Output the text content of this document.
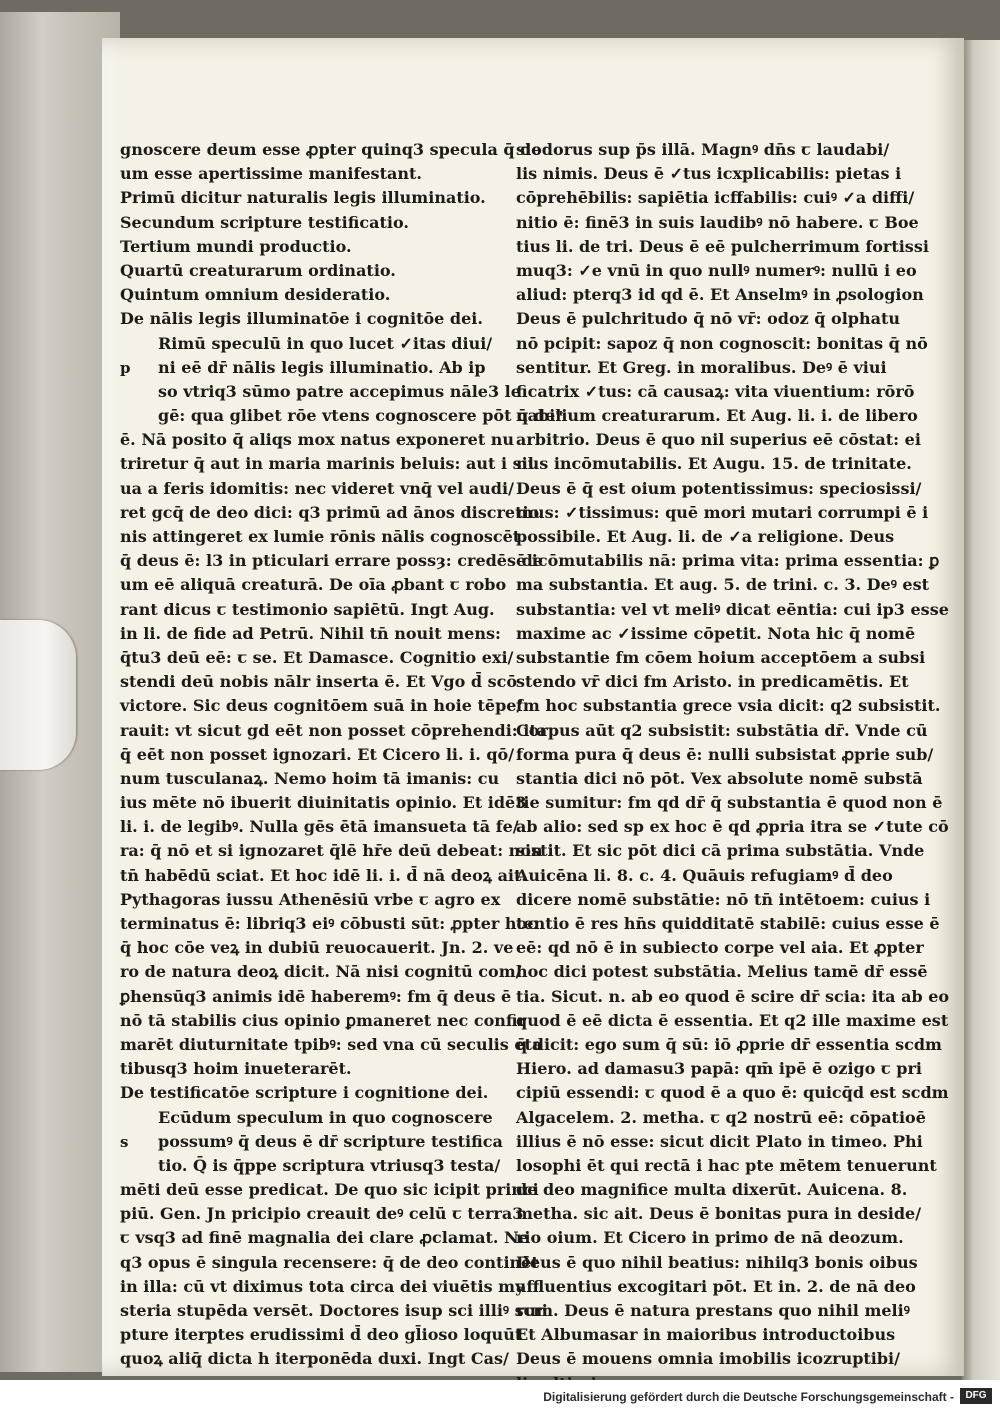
gnoscere deum esse ꝓpter quinq3 specula q̄ de
um esse apertissime manifestant.
Primū dicitur naturalis legis illuminatio.
Secundum scripture testificatio.
Tertium mundi productio.
Quartū creaturarum ordinatio.
Quintum omnium desideratio.
De nālis legis illuminatōe i cognitōe dei.
Rimū speculū in quo lucet ✓itas diui/
p ni eē dr̄ nālis legis illuminatio. Ab ip
so vtriq3 sūmo patre accepimus nāle3 le
gē: qua glibet rōe vtens cognoscere pōt q̄ deᵘ
ē. Nā posito q̄ aliqs mox natus exponeret nu
triretur q̄ aut in maria marinis beluis: aut i sil
ua a feris idomitis: nec videret vnq̄ vel audi/
ret gcq̄ de deo dici: q3 primū ad ānos discretio
nis attingeret ex lumie rōnis nālis cognoscēt
q̄ deus ē: l3 in pticulari errare possȝ: credēs de
um eē aliquā creaturā. De oīa ꝓbant ꞇ robo
rant dicus ꞇ testimonio sapiētū. Ingt Aug.
in li. de fide ad Petrū. Nihil tn̄ nouit mens:
q̄tu3 deū eē: ꞇ se. Et Damasce. Cognitio exi/
stendi deū nobis nālr inserta ē. Et Vgo d̄ scō
victore. Sic deus cognitōem suā in hoie tēpe/
rauit: vt sicut gd eēt non posset cōprehendi: ita
q̄ eēt non posset ignozari. Et Cicero li. i. qō/
num tusculanaꝝ. Nemo hoim tā imanis: cu
ius mēte nō ibuerit diuinitatis opinio. Et idē3
li. i. de legibꝰ. Nulla gēs ētā imansueta tā fe/
ra: q̄ nō et si ignozaret q̄lē hr̄e deū debeat: non
tn̄ habēdū sciat. Et hoc idē li. i. d̄ nā deoꝝ ait.
Pythagoras iussu Athenēsiū vrbe ꞇ agro ex
terminatus ē: libriq3 eiꝰ cōbusti sūt: ꝓpter hoc
q̄ hoc cōe veꝝ in dubiū reuocauerit. Jn. 2. ve
ro de natura deoꝝ dicit. Nā nisi cognitū com/
ꝑhensūq3 animis idē haberemꝰ: fm q̄ deus ē
nō tā stabilis cius opinio ꝑmaneret nec confir
marēt diuturnitate tpibꝰ: sed vna cū seculis eta
tibusq3 hoim inueterarēt.
De testificatōe scripture i cognitione dei.
Ecūdum speculum in quo cognoscere
s possumꝰ q̄ deus ē dr̄ scripture testifica
tio. Q̄ is q̄ppe scriptura vtriusq3 testa/
mēti deū esse predicat. De quo sic icipit princi
piū. Gen. Jn pricipio creauit deꝰ celū ꞇ terra3
ꞇ vsq3 ad finē magnalia dei clare ꝓclamat. Ne
q3 opus ē singula recensere: q̄ de deo continēt
in illa: cū vt diximus tota circa dei viuētis my
steria stupēda versēt. Doctores isup sci illiꝰ scri
pture iterptes erudissimi d̄ deo gl̄ioso loquūt
quoꝝ aliq̄ dicta h iterponēda duxi. Ingt Cas/
siodorus sup p̄s illā. Magnꝰ dn̄s ꞇ laudabi/
lis nimis. Deus ē ✓tus icxplicabilis: pietas i
cōprehēbilis: sapiētia icffabilis: cuiꝰ ✓a diffi/
nitio ē: finē3 in suis laudibꝰ nō habere. ꞇ Boe
tius li. de tri. Deus ē eē pulcherrimum fortissi
muq3: ✓e vnū in quo nullꝰ numerꝰ: nullū i eo
aliud: pterq3 id qd ē. Et Anselmꝰ in ꝓsologion
Deus ē pulchritudo q̄ nō vr̄: odoz q̄ olphatu
nō pcipit: sapoz q̄ non cognoscit: bonitas q̄ nō
sentitur. Et Greg. in moralibus. Deꝰ ē viui
ficatrix ✓tus: cā causaꝝ: vita viuentium: rōrō
nabilium creaturarum. Et Aug. li. i. de libero
arbitrio. Deus ē quo nil superius eē cōstat: ei
nus incōmutabilis. Et Augu. 15. de trinitate.
Deus ē q̄ est oium potentissimus: speciosissi/
mus: ✓tissimus: quē mori mutari corrumpi ē i
possibile. Et Aug. li. de ✓a religione. Deus
ē icōmutabilis nā: prima vita: prima essentia: ꝑ
ma substantia. Et aug. 5. de trini. c. 3. Deꝰ est
substantia: vel vt meliꝰ dicat eēntia: cui ip3 esse
maxime ac ✓issime cōpetit. Nota hic q̄ nomē
substantie fm cōem hoium acceptōem a subsi
stendo vr̄ dici fm Aristo. in predicamētis. Et
fm hoc substantia grece vsia dicit: q2 subsistit.
Corpus aūt q2 subsistit: substātia dr̄. Vnde cū
forma pura q̄ deus ē: nulli subsistat ꝓprie sub/
stantia dici nō pōt. Vex absolute nomē substā
tie sumitur: fm qd dr̄ q̄ substantia ē quod non ē
ab alio: sed sp ex hoc ē qd ꝓpria itra se ✓tute cō
sistit. Et sic pōt dici cā prima substātia. Vnde
Auicēna li. 8. c. 4. Quāuis refugiamꝰ d̄ deo
dicere nomē substātie: nō tn̄ intētoem: cuius i
tentio ē res hn̄s quidditatē stabilē: cuius esse ē
eē: qd nō ē in subiecto corpe vel aia. Et ꝓpter
hoc dici potest substātia. Melius tamē dr̄ essē
tia. Sicut. n. ab eo quod ē scire dr̄ scia: ita ab eo
quod ē eē dicta ē essentia. Et q2 ille maxime est
q̄ dicit: ego sum q̄ sū: iō ꝓprie dr̄ essentia scdm
Hiero. ad damasu3 papā: qm̄ ipē ē ozigo ꞇ pri
cipiū essendi: ꞇ quod ē a quo ē: quicq̄d est scdm
Algacelem. 2. metha. ꞇ q2 nostrū eē: cōpatioē
illius ē nō esse: sicut dicit Plato in timeo. Phi
losophi ēt qui rectā i hac pte mētem tenuerunt
de deo magnifice multa dixerūt. Auicena. 8.
metha. sic ait. Deus ē bonitas pura in deside/
rio oium. Et Cicero in primo de nā deozum.
Deus ē quo nihil beatius: nihilq3 bonis oibus
affluentius excogitari pōt. Et in. 2. de nā deo
rum. Deus ē natura prestans quo nihil meliꝰ
Et Albumasar in maioribus introductoibus
Deus ē mouens omnia imobilis icozruptibi/
Digitalisierung gefördert durch die Deutsche Forschungsgemeinschaft -	DFG
